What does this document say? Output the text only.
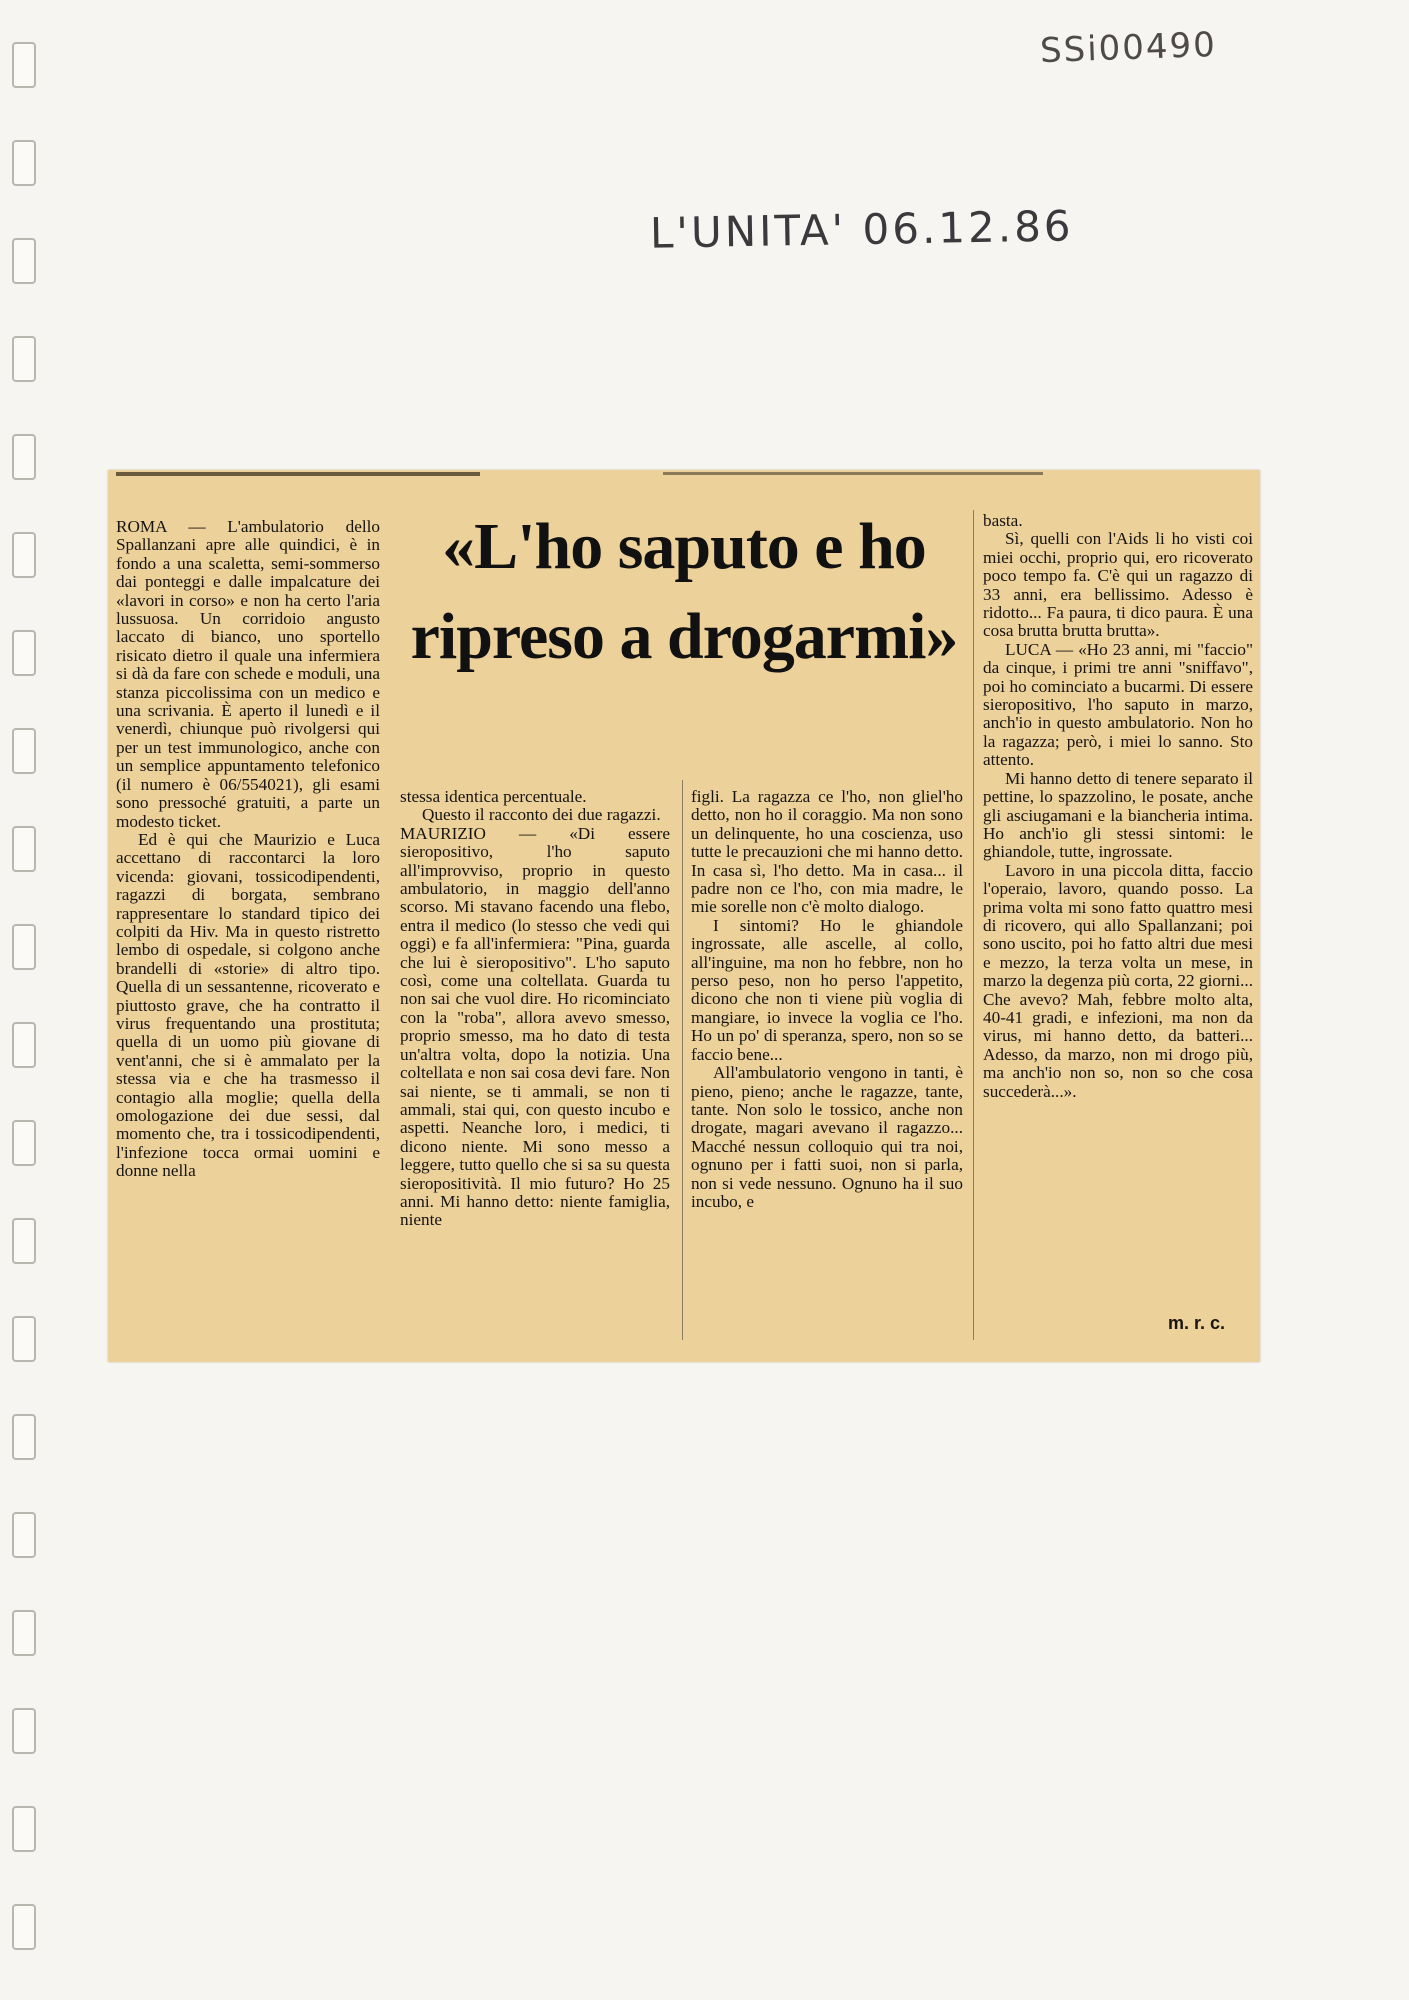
SSi00490
L'UNITA' 06.12.86

ROMA — L'ambulatorio dello Spallanzani apre alle quindici, è in fondo a una scaletta, semi-sommerso dai ponteggi e dalle impalcature dei «lavori in corso» e non ha certo l'aria lussuosa. Un corridoio angusto laccato di bianco, uno sportello risicato dietro il quale una infermiera si dà da fare con schede e moduli, una stanza piccolissima con un medico e una scrivania. È aperto il lunedì e il venerdì, chiunque può rivolgersi qui per un test immunologico, anche con un semplice appuntamento telefonico (il numero è 06/554021), gli esami sono pressoché gratuiti, a parte un modesto ticket.

Ed è qui che Maurizio e Luca accettano di raccontarci la loro vicenda: giovani, tossicodipendenti, ragazzi di borgata, sembrano rappresentare lo standard tipico dei colpiti da Hiv. Ma in questo ristretto lembo di ospedale, si colgono anche brandelli di «storie» di altro tipo. Quella di un sessantenne, ricoverato e piuttosto grave, che ha contratto il virus frequentando una prostituta; quella di un uomo più giovane di vent'anni, che si è ammalato per la stessa via e che ha trasmesso il contagio alla moglie; quella della omologazione dei due sessi, dal momento che, tra i tossicodipendenti, l'infezione tocca ormai uomini e donne nella

«L'ho saputo e ho ripreso a drogarmi»

stessa identica percentuale.

Questo il racconto dei due ragazzi.

MAURIZIO — «Di essere sieropositivo, l'ho saputo all'improvviso, proprio in questo ambulatorio, in maggio dell'anno scorso. Mi stavano facendo una flebo, entra il medico (lo stesso che vedi qui oggi) e fa all'infermiera: "Pina, guarda che lui è sieropositivo". L'ho saputo così, come una coltellata. Guarda tu non sai che vuol dire. Ho ricominciato con la "roba", allora avevo smesso, proprio smesso, ma ho dato di testa un'altra volta, dopo la notizia. Una coltellata e non sai cosa devi fare. Non sai niente, se ti ammali, se non ti ammali, stai qui, con questo incubo e aspetti. Neanche loro, i medici, ti dicono niente. Mi sono messo a leggere, tutto quello che si sa su questa sieropositività. Il mio futuro? Ho 25 anni. Mi hanno detto: niente famiglia, niente

figli. La ragazza ce l'ho, non gliel'ho detto, non ho il coraggio. Ma non sono un delinquente, ho una coscienza, uso tutte le precauzioni che mi hanno detto. In casa sì, l'ho detto. Ma in casa... il padre non ce l'ho, con mia madre, le mie sorelle non c'è molto dialogo.

I sintomi? Ho le ghiandole ingrossate, alle ascelle, al collo, all'inguine, ma non ho febbre, non ho perso peso, non ho perso l'appetito, dicono che non ti viene più voglia di mangiare, io invece la voglia ce l'ho. Ho un po' di speranza, spero, non so se faccio bene...

All'ambulatorio vengono in tanti, è pieno, pieno; anche le ragazze, tante, tante. Non solo le tossico, anche non drogate, magari avevano il ragazzo... Macché nessun colloquio qui tra noi, ognuno per i fatti suoi, non si parla, non si vede nessuno. Ognuno ha il suo incubo, e

basta.

Sì, quelli con l'Aids li ho visti coi miei occhi, proprio qui, ero ricoverato poco tempo fa. C'è qui un ragazzo di 33 anni, era bellissimo. Adesso è ridotto... Fa paura, ti dico paura. È una cosa brutta brutta brutta».

LUCA — «Ho 23 anni, mi "faccio" da cinque, i primi tre anni "sniffavo", poi ho cominciato a bucarmi. Di essere sieropositivo, l'ho saputo in marzo, anch'io in questo ambulatorio. Non ho la ragazza; però, i miei lo sanno. Sto attento.

Mi hanno detto di tenere separato il pettine, lo spazzolino, le posate, anche gli asciugamani e la biancheria intima. Ho anch'io gli stessi sintomi: le ghiandole, tutte, ingrossate.

Lavoro in una piccola ditta, faccio l'operaio, lavoro, quando posso. La prima volta mi sono fatto quattro mesi di ricovero, qui allo Spallanzani; poi sono uscito, poi ho fatto altri due mesi e mezzo, la terza volta un mese, in marzo la degenza più corta, 22 giorni... Che avevo? Mah, febbre molto alta, 40-41 gradi, e infezioni, ma non da virus, mi hanno detto, da batteri... Adesso, da marzo, non mi drogo più, ma anch'io non so, non so che cosa succederà...».

m. r. c.
